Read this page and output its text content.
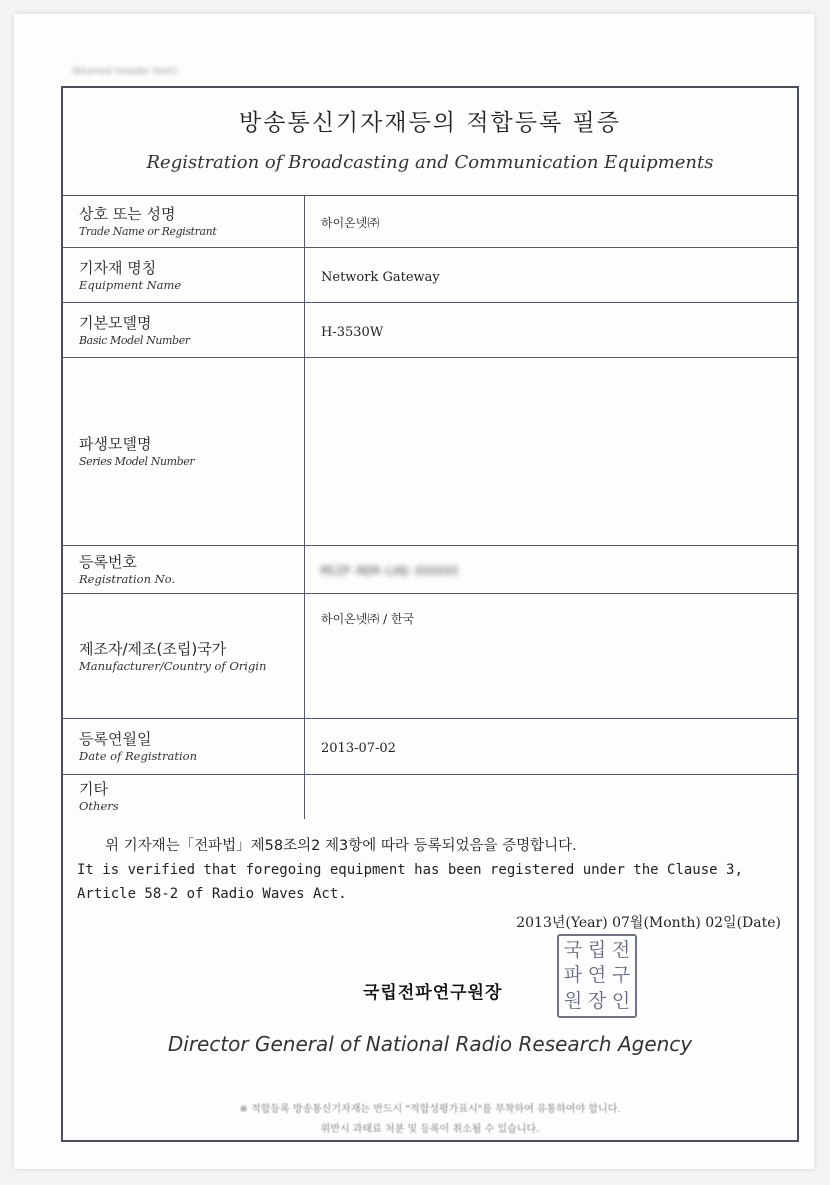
(blurred header text)
방송통신기자재등의 적합등록 필증
Registration of Broadcasting and Communication Equipments
상호 또는 성명
Trade Name or Registrant	하이온넷㈜

기자재 명칭
Equipment Name	Network Gateway

기본모델명
Basic Model Number	H-3530W

파생모델명
Series Model Number	

등록번호
Registration No.	MSIP-REM-LHQ-XXXXXX

제조자/제조(조립)국가
Manufacturer/Country of Origin	하이온넷㈜ / 한국

등록연월일
Date of Registration	2013-07-02

기타
Others	

위 기자재는「전파법」제58조의2 제3항에 따라 등록되었음을 증명합니다.
It is verified that foregoing equipment has been registered under the Clause 3, Article 58-2 of Radio Waves Act.
2013년(Year) 07월(Month) 02일(Date)
국립전파연구원장
국 립 전
파 연 구
원 장 인
Director General of National Radio Research Agency
※ 적합등록 방송통신기자재는 반드시 "적합성평가표시"를 부착하여 유통하여야 합니다.
위반시 과태료 처분 및 등록이 취소될 수 있습니다.
